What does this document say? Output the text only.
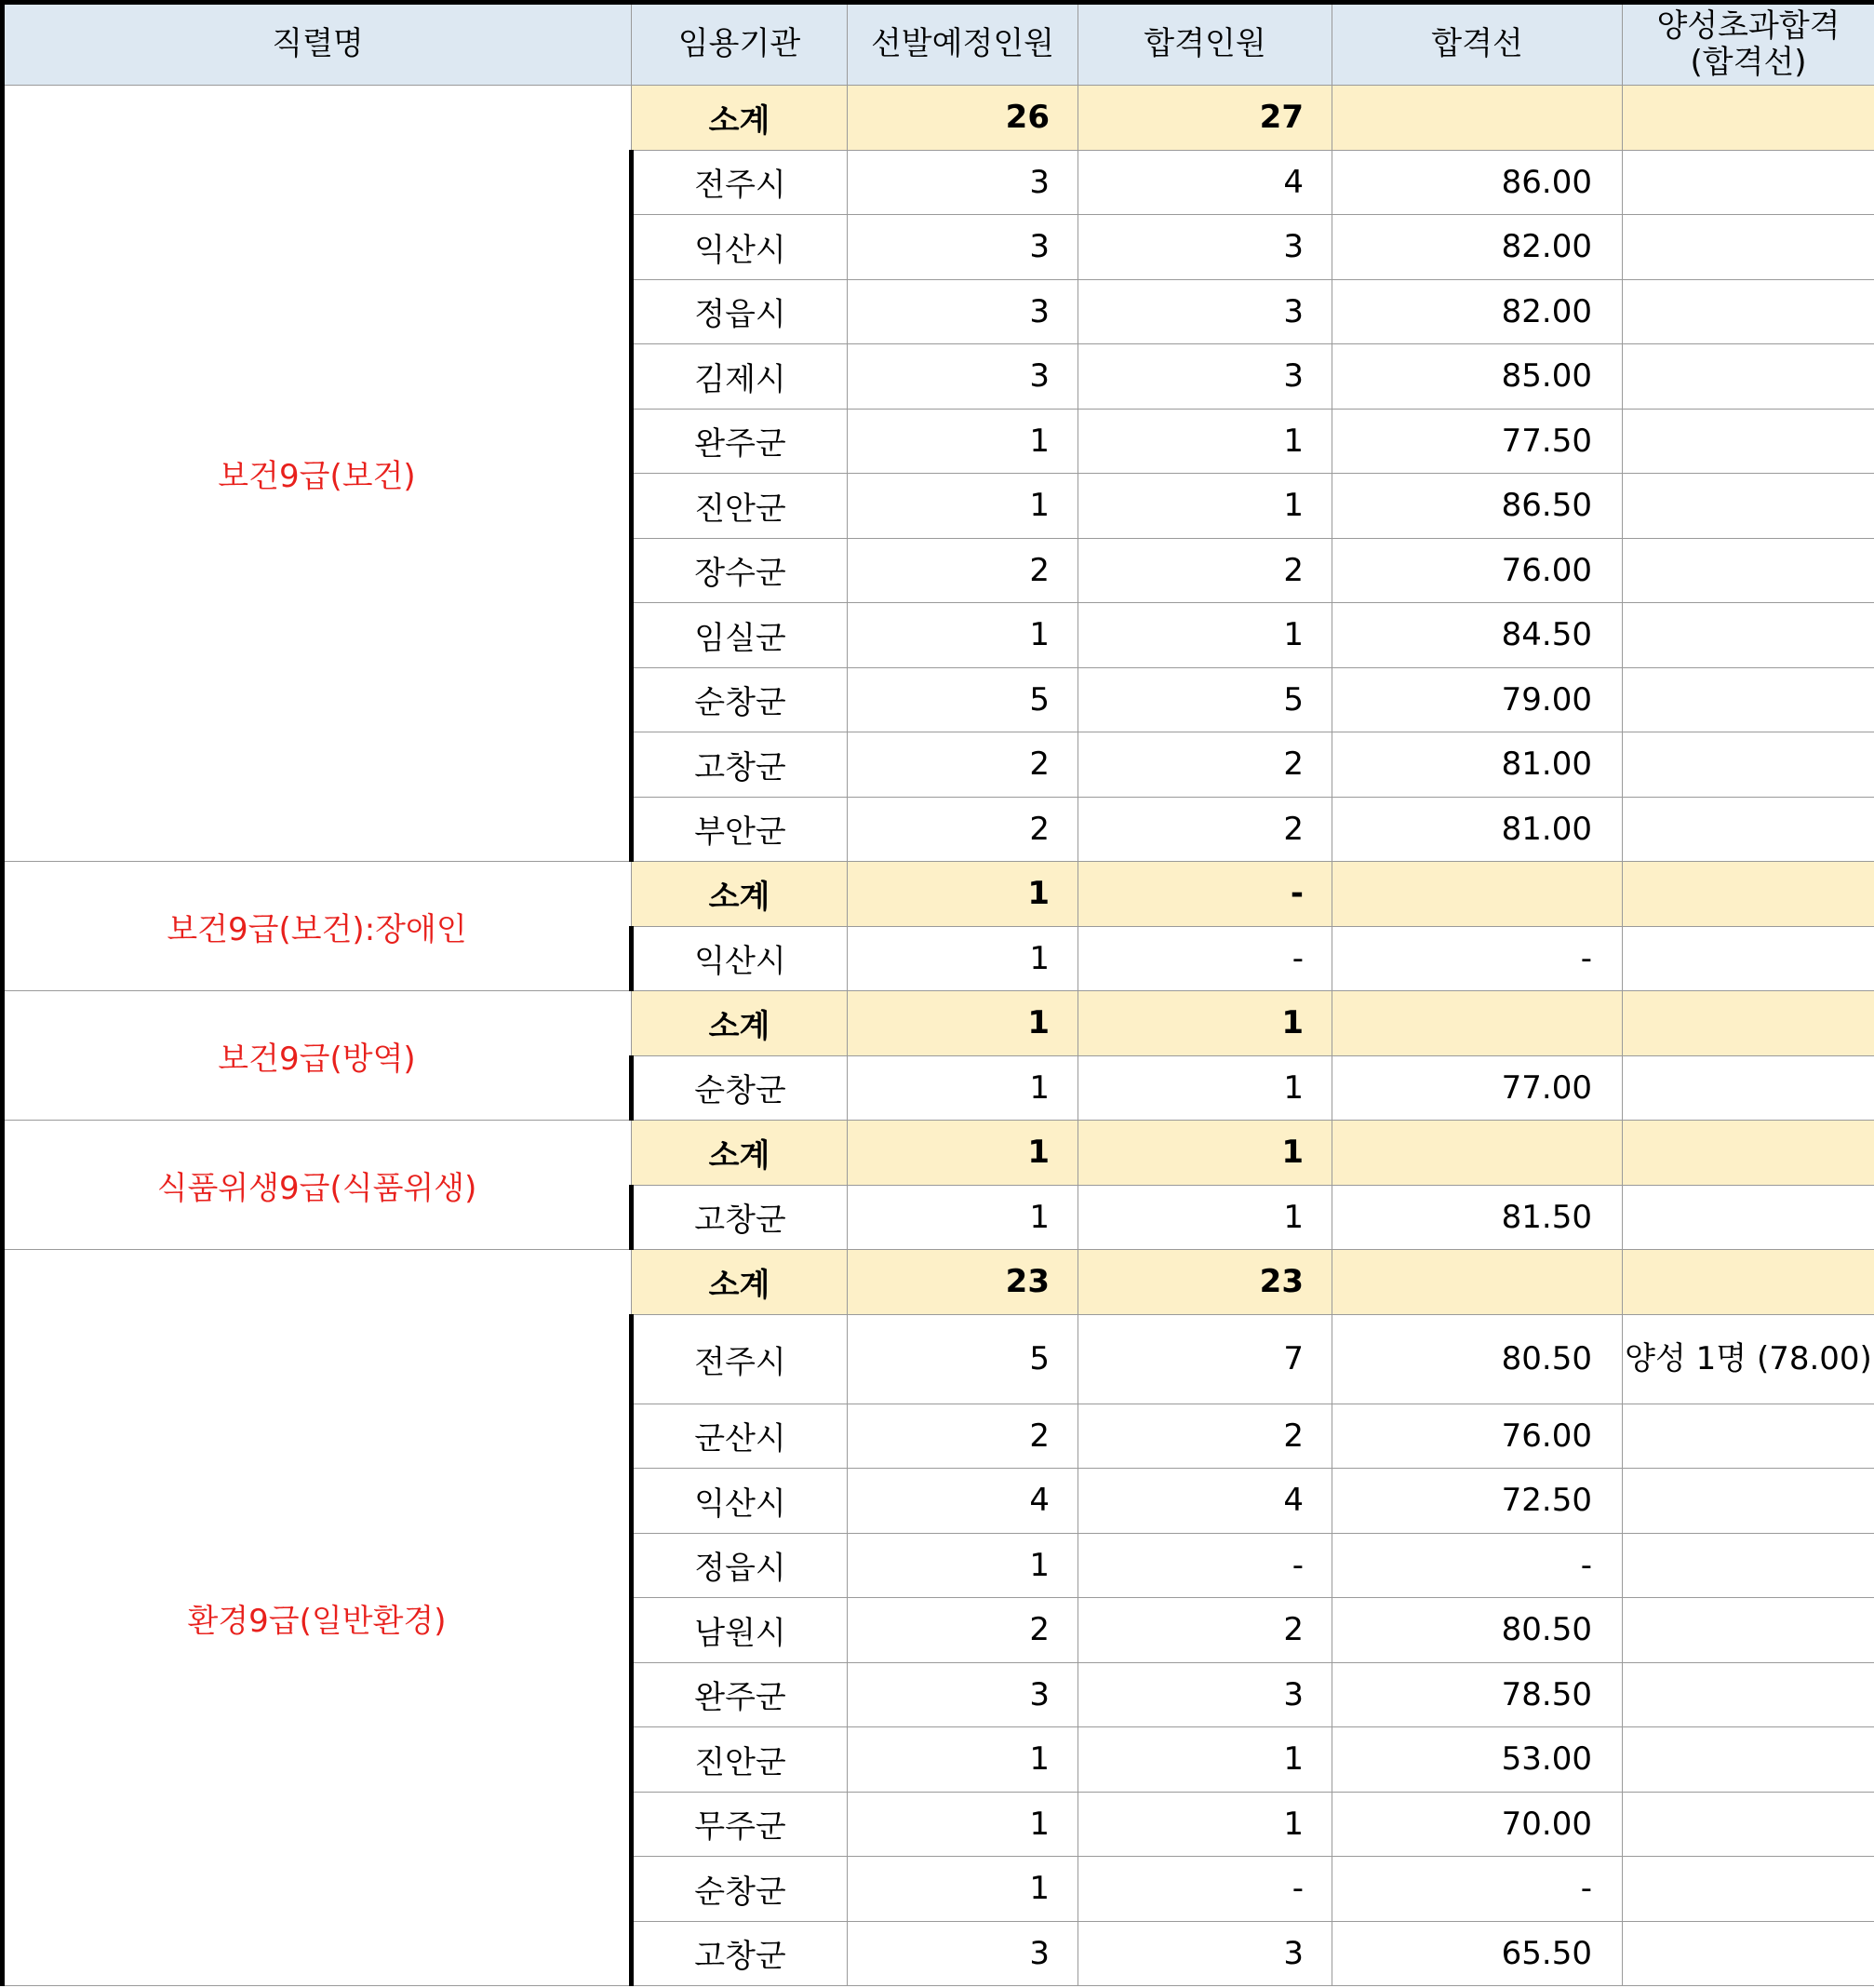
직렬명	임용기관	선발예정인원	합격인원	합격선	양성초과합격
(합격선)

보건9급(보건)	소계	26	27		
	전주시	3	4	86.00	
	익산시	3	3	82.00	
	정읍시	3	3	82.00	
	김제시	3	3	85.00	
	완주군	1	1	77.50	
	진안군	1	1	86.50	
	장수군	2	2	76.00	
	임실군	1	1	84.50	
	순창군	5	5	79.00	
	고창군	2	2	81.00	
	부안군	2	2	81.00	
보건9급(보건):장애인	소계	1	-		
	익산시	1	-	-	
보건9급(방역)	소계	1	1		
	순창군	1	1	77.00	
식품위생9급(식품위생)	소계	1	1		
	고창군	1	1	81.50	
환경9급(일반환경)	소계	23	23		
	전주시	5	7	80.50	양성 1명 (78.00)
	군산시	2	2	76.00	
	익산시	4	4	72.50	
	정읍시	1	-	-	
	남원시	2	2	80.50	
	완주군	3	3	78.50	
	진안군	1	1	53.00	
	무주군	1	1	70.00	
	순창군	1	-	-	
	고창군	3	3	65.50	
